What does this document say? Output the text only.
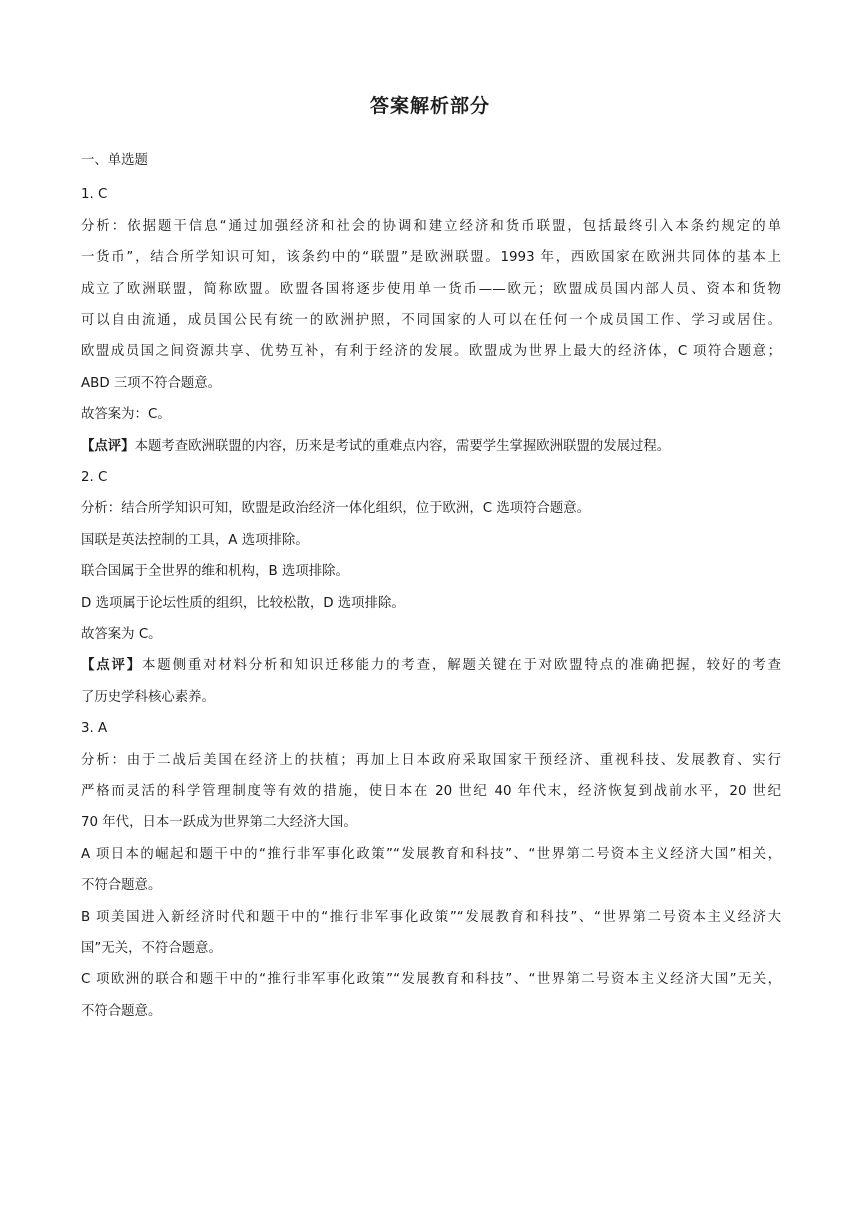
答案解析部分

一、单选题

1. C

分析：依据题干信息“通过加强经济和社会的协调和建立经济和货币联盟，包括最终引入本条约规定的单

一货币”，结合所学知识可知，该条约中的“联盟”是欧洲联盟。1993 年，西欧国家在欧洲共同体的基本上

成立了欧洲联盟，简称欧盟。欧盟各国将逐步使用单一货币——欧元；欧盟成员国内部人员、资本和货物

可以自由流通，成员国公民有统一的欧洲护照，不同国家的人可以在任何一个成员国工作、学习或居住。

欧盟成员国之间资源共享、优势互补，有利于经济的发展。欧盟成为世界上最大的经济体，C 项符合题意；

ABD 三项不符合题意。

故答案为：C。

【点评】本题考查欧洲联盟的内容，历来是考试的重难点内容，需要学生掌握欧洲联盟的发展过程。

2. C

分析：结合所学知识可知，欧盟是政治经济一体化组织，位于欧洲，C 选项符合题意。

国联是英法控制的工具，A 选项排除。

联合国属于全世界的维和机构，B 选项排除。

D 选项属于论坛性质的组织，比较松散，D 选项排除。

故答案为 C。

【点评】本题侧重对材料分析和知识迁移能力的考查，解题关键在于对欧盟特点的准确把握，较好的考查

了历史学科核心素养。

3. A

分析：由于二战后美国在经济上的扶植；再加上日本政府采取国家干预经济、重视科技、发展教育、实行

严格而灵活的科学管理制度等有效的措施，使日本在 20 世纪 40 年代末，经济恢复到战前水平，20 世纪

70 年代，日本一跃成为世界第二大经济大国。

A 项日本的崛起和题干中的“推行非军事化政策”“发展教育和科技”、“世界第二号资本主义经济大国”相关，

不符合题意。

B 项美国进入新经济时代和题干中的“推行非军事化政策”“发展教育和科技”、“世界第二号资本主义经济大

国”无关，不符合题意。

C 项欧洲的联合和题干中的“推行非军事化政策”“发展教育和科技”、“世界第二号资本主义经济大国”无关，

不符合题意。
